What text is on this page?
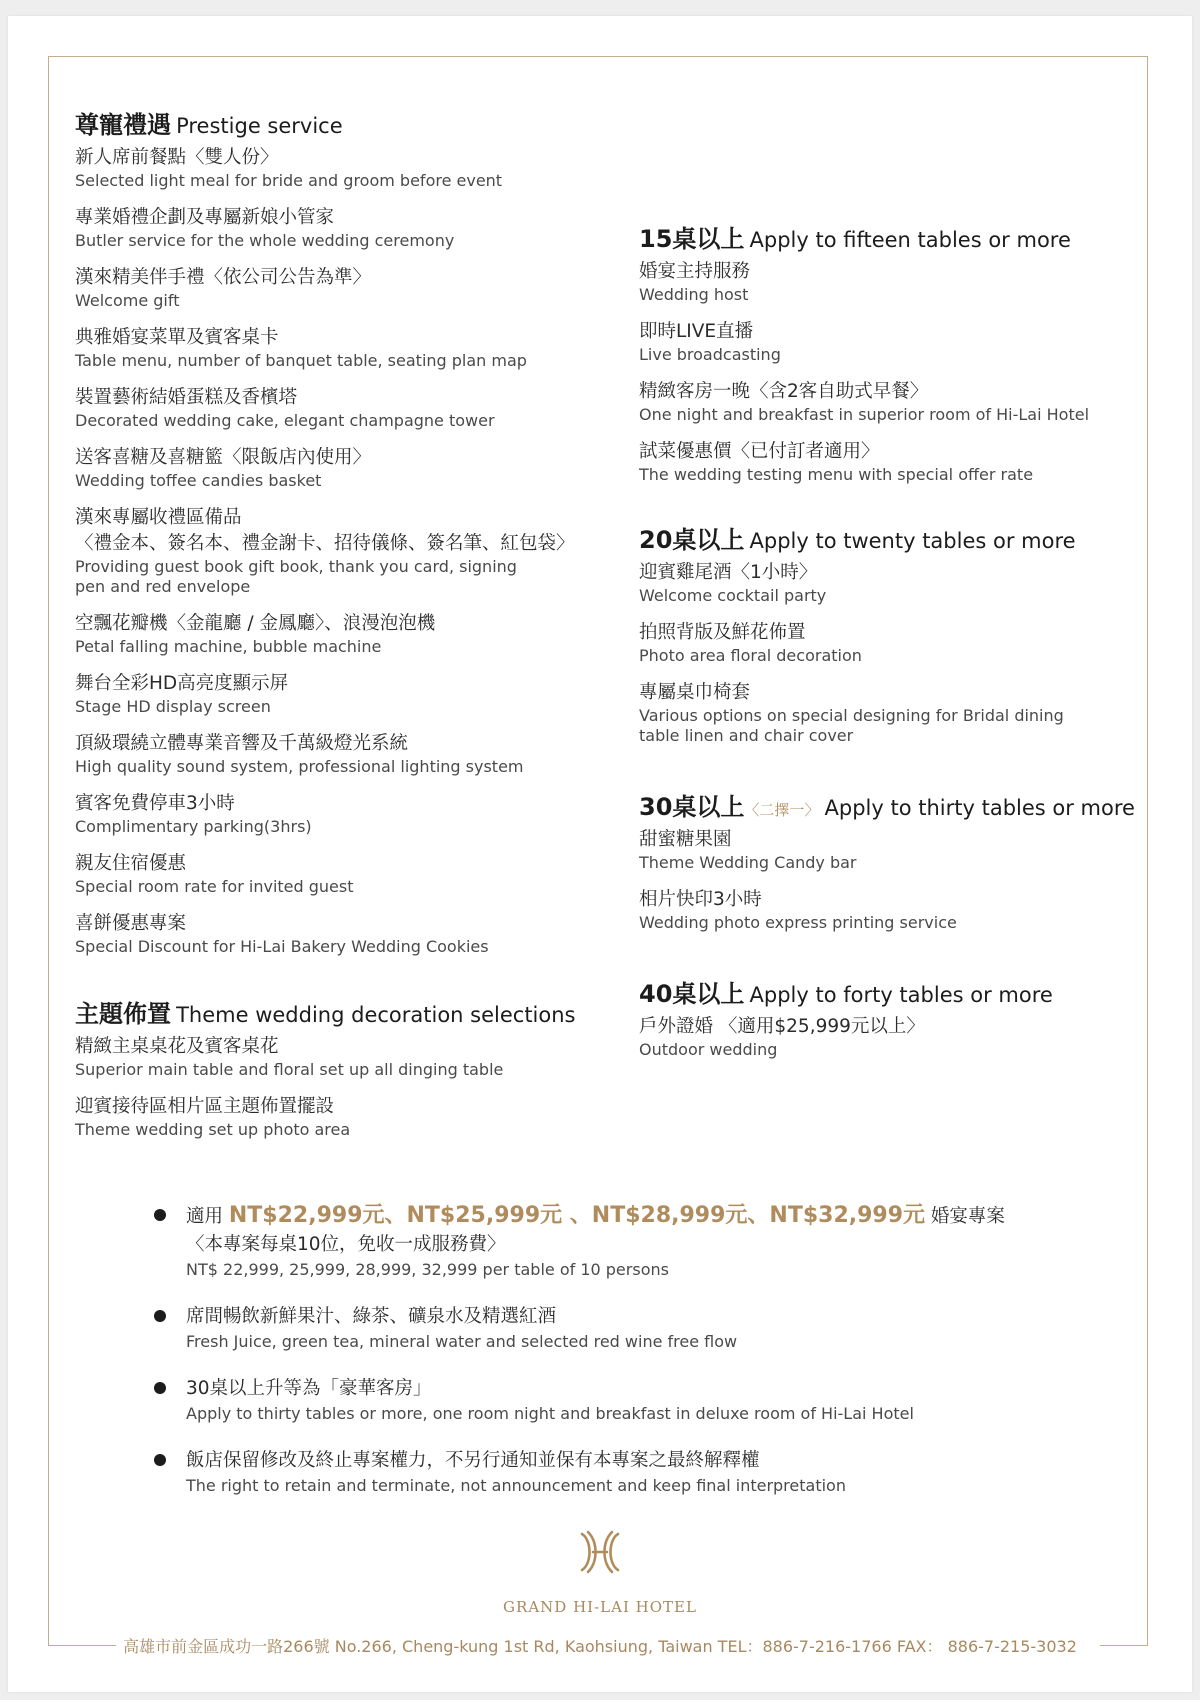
尊寵禮遇 Prestige service
新人席前餐點〈雙人份〉
Selected light meal for bride and groom before event
專業婚禮企劃及專屬新娘小管家
Butler service for the whole wedding ceremony
漢來精美伴手禮〈依公司公告為準〉
Welcome gift
典雅婚宴菜單及賓客桌卡
Table menu, number of banquet table, seating plan map
裝置藝術結婚蛋糕及香檳塔
Decorated wedding cake, elegant champagne tower
送客喜糖及喜糖籃〈限飯店內使用〉
Wedding toffee candies basket
漢來專屬收禮區備品
〈禮金本、簽名本、禮金謝卡、招待儀條、簽名筆、紅包袋〉
Providing guest book gift book, thank you card, signing pen and red envelope
空飄花瓣機〈金龍廳 / 金鳳廳〉、浪漫泡泡機
Petal falling machine, bubble machine
舞台全彩HD高亮度顯示屏
Stage HD display screen
頂級環繞立體專業音響及千萬級燈光系統
High quality sound system, professional lighting system
賓客免費停車3小時
Complimentary parking(3hrs)
親友住宿優惠
Special room rate for invited guest
喜餅優惠專案
Special Discount for Hi-Lai Bakery Wedding Cookies
主題佈置 Theme wedding decoration selections
精緻主桌桌花及賓客桌花
Superior main table and floral set up all dinging table
迎賓接待區相片區主題佈置擺設
Theme wedding set up photo area
15桌以上 Apply to fifteen tables or more
婚宴主持服務
Wedding host
即時LIVE直播
Live broadcasting
精緻客房一晚〈含2客自助式早餐〉
One night and breakfast in superior room of Hi-Lai Hotel
試菜優惠價〈已付訂者適用〉
The wedding testing menu with special offer rate
20桌以上 Apply to twenty tables or more
迎賓雞尾酒〈1小時〉
Welcome cocktail party
拍照背版及鮮花佈置
Photo area floral decoration
專屬桌巾椅套
Various options on special designing for Bridal dining table linen and chair cover
30桌以上〈二擇一〉 Apply to thirty tables or more
甜蜜糖果園
Theme Wedding Candy bar
相片快印3小時
Wedding photo express printing service
40桌以上 Apply to forty tables or more
戶外證婚 〈適用$25,999元以上〉
Outdoor wedding
適用 NT$22,999元、NT$25,999元 、NT$28,999元、NT$32,999元 婚宴專案
〈本專案每桌10位，免收一成服務費〉
NT$ 22,999, 25,999, 28,999, 32,999 per table of 10 persons
席間暢飲新鮮果汁、綠茶、礦泉水及精選紅酒
Fresh Juice, green tea, mineral water and selected red wine free flow
30桌以上升等為「豪華客房」
Apply to thirty tables or more, one room night and breakfast in deluxe room of Hi-Lai Hotel
飯店保留修改及終止專案權力，不另行通知並保有本專案之最終解釋權
The right to retain and terminate, not announcement and keep final interpretation
GRAND HI-LAI HOTEL
高雄市前金區成功一路266號 No.266, Cheng-kung 1st Rd, Kaohsiung, Taiwan TEL：886-7-216-1766 FAX： 886-7-215-3032
